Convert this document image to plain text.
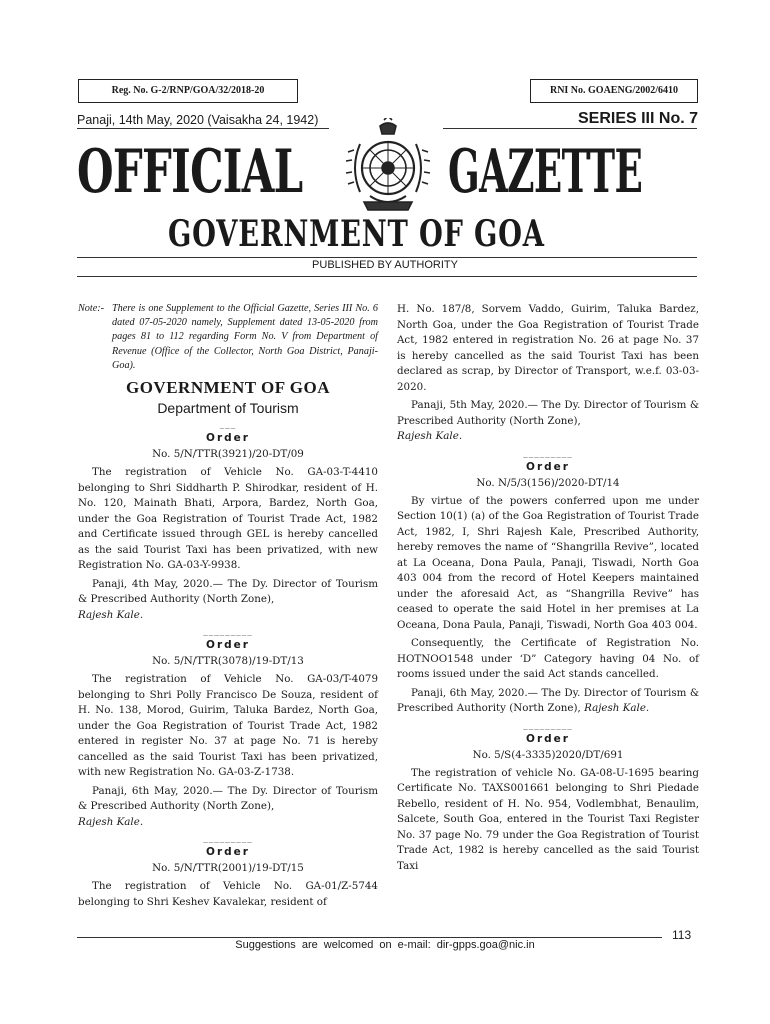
Reg. No. G-2/RNP/GOA/32/2018-20	RNI No. GOAENG/2002/6410
Panaji, 14th May, 2020 (Vaisakha 24, 1942)	SERIES III No. 7
OFFICIAL GAZETTE
GOVERNMENT OF GOA
PUBLISHED BY AUTHORITY
Note:- There is one Supplement to the Official Gazette, Series III No. 6 dated 07-05-2020 namely, Supplement dated 13-05-2020 from pages 81 to 112 regarding Form No. V from Department of Revenue (Office of the Collector, North Goa District, Panaji-Goa).
GOVERNMENT OF GOA
Department of Tourism
___
Order
No. 5/N/TTR(3921)/20-DT/09

The registration of Vehicle No. GA-03-T-4410 belonging to Shri Siddharth P. Shirodkar, resident of H. No. 120, Mainath Bhati, Arpora, Bardez, North Goa, under the Goa Registration of Tourist Trade Act, 1982 and Certificate issued through GEL is hereby cancelled as the said Tourist Taxi has been privatized, with new Registration No. GA-03-Y-9938.

Panaji, 4th May, 2020.— The Dy. Director of Tourism & Prescribed Authority (North Zone),
Rajesh Kale.

_________
Order
No. 5/N/TTR(3078)/19-DT/13

The registration of Vehicle No. GA-03/T-4079 belonging to Shri Polly Francisco De Souza, resident of H. No. 138, Morod, Guirim, Taluka Bardez, North Goa, under the Goa Registration of Tourist Trade Act, 1982 entered in register No. 37 at page No. 71 is hereby cancelled as the said Tourist Taxi has been privatized, with new Registration No. GA-03-Z-1738.

Panaji, 6th May, 2020.— The Dy. Director of Tourism & Prescribed Authority (North Zone),
Rajesh Kale.

_________
Order
No. 5/N/TTR(2001)/19-DT/15

The registration of Vehicle No. GA-01/Z-5744 belonging to Shri Keshev Kavalekar, resident of

H. No. 187/8, Sorvem Vaddo, Guirim, Taluka Bardez, North Goa, under the Goa Registration of Tourist Trade Act, 1982 entered in registration No. 26 at page No. 37 is hereby cancelled as the said Tourist Taxi has been declared as scrap, by Director of Transport, w.e.f. 03-03-2020.

Panaji, 5th May, 2020.— The Dy. Director of Tourism & Prescribed Authority (North Zone),
Rajesh Kale.

_________
Order
No. N/5/3(156)/2020-DT/14

By virtue of the powers conferred upon me under Section 10(1) (a) of the Goa Registration of Tourist Trade Act, 1982, I, Shri Rajesh Kale, Prescribed Authority, hereby removes the name of “Shangrilla Revive”, located at La Oceana, Dona Paula, Panaji, Tiswadi, North Goa 403 004 from the record of Hotel Keepers maintained under the aforesaid Act, as “Shangrilla Revive” has ceased to operate the said Hotel in her premises at La Oceana, Dona Paula, Panaji, Tiswadi, North Goa 403 004.

Consequently, the Certificate of Registration No. HOTNOO1548 under ‘D” Category having 04 No. of rooms issued under the said Act stands cancelled.

Panaji, 6th May, 2020.— The Dy. Director of Tourism & Prescribed Authority (North Zone), Rajesh Kale.

_________
Order
No. 5/S(4-3335)2020/DT/691

The registration of vehicle No. GA-08-U-1695 bearing Certificate No. TAXS001661 belonging to Shri Piedade Rebello, resident of H. No. 954, Vodlembhat, Benaulim, Salcete, South Goa, entered in the Tourist Taxi Register No. 37 page No. 79 under the Goa Registration of Tourist Trade Act, 1982 is hereby cancelled as the said Tourist Taxi

113
Suggestions are welcomed on e-mail: dir-gpps.goa@nic.in
